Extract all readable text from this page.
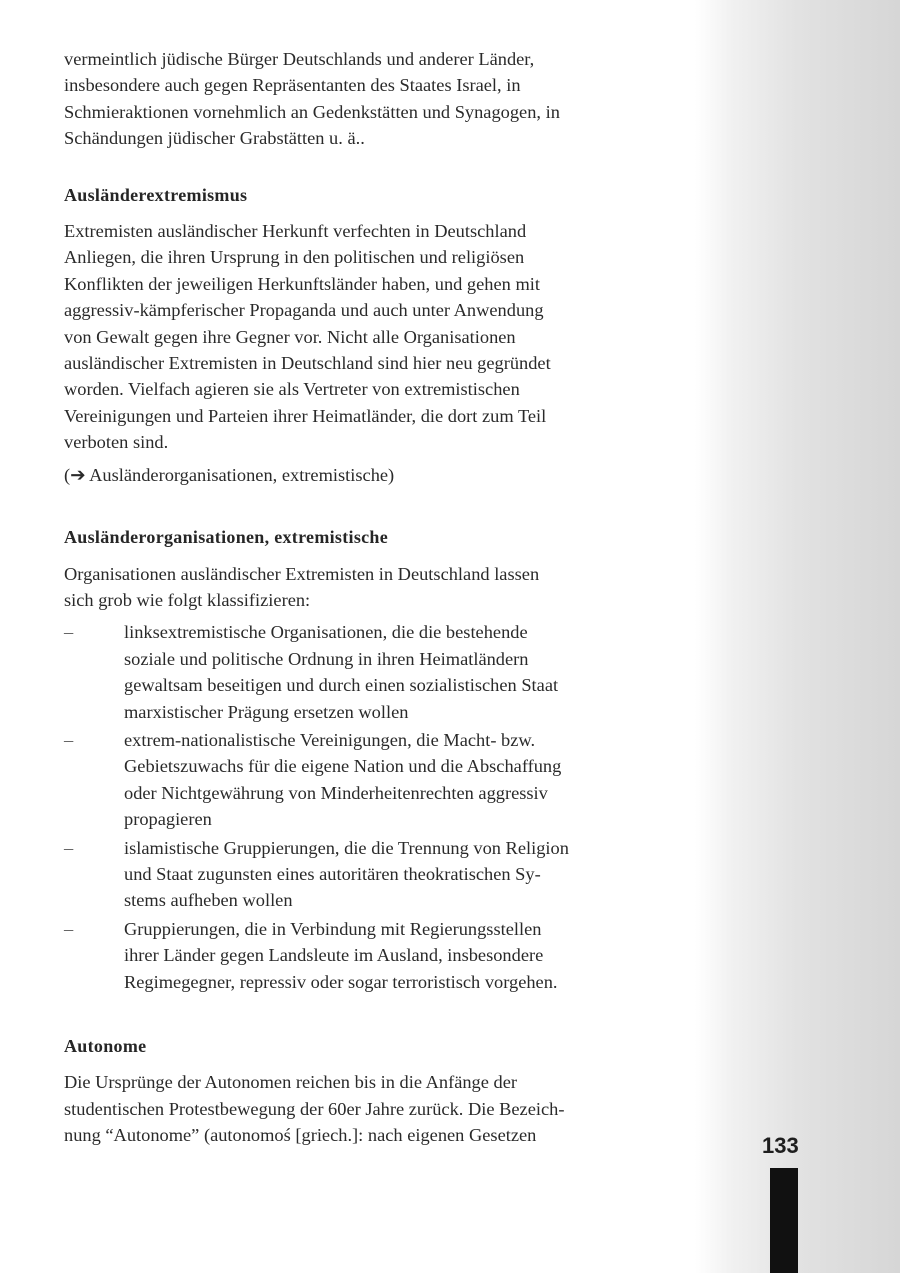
133
vermeintlich jüdische Bürger Deutschlands und anderer Länder,
insbesondere auch gegen Repräsentanten des Staates Israel, in
Schmieraktionen vornehmlich an Gedenkstätten und Synagogen, in
Schändungen jüdischer Grabstätten u. ä..
Ausländerextremismus
Extremisten ausländischer Herkunft verfechten in Deutschland
Anliegen, die ihren Ursprung in den politischen und religiösen
Konflikten der jeweiligen Herkunftsländer haben, und gehen mit
aggressiv-kämpferischer Propaganda und auch unter Anwendung
von Gewalt gegen ihre Gegner vor. Nicht alle Organisationen
ausländischer Extremisten in Deutschland sind hier neu gegründet
worden. Vielfach agieren sie als Vertreter von extremistischen
Vereinigungen und Parteien ihrer Heimatländer, die dort zum Teil
verboten sind.
(➔ Ausländerorganisationen, extremistische)
Ausländerorganisationen, extremistische
Organisationen ausländischer Extremisten in Deutschland lassen
sich grob wie folgt klassifizieren:
–	linksextremistische Organisationen, die die bestehende
soziale und politische Ordnung in ihren Heimatländern
gewaltsam beseitigen und durch einen sozialistischen Staat
marxistischer Prägung ersetzen wollen
–	extrem-nationalistische Vereinigungen, die Macht- bzw.
Gebietszuwachs für die eigene Nation und die Abschaffung
oder Nichtgewährung von Minderheitenrechten aggressiv
propagieren
–	islamistische Gruppierungen, die die Trennung von Religion
und Staat zugunsten eines autoritären theokratischen Sy-
stems aufheben wollen
–	Gruppierungen, die in Verbindung mit Regierungsstellen
ihrer Länder gegen Landsleute im Ausland, insbesondere
Regimegegner, repressiv oder sogar terroristisch vorgehen.
Autonome
Die Ursprünge der Autonomen reichen bis in die Anfänge der
studentischen Protestbewegung der 60er Jahre zurück. Die Bezeich-
nung “Autonome” (autonomoś [griech.]: nach eigenen Gesetzen
